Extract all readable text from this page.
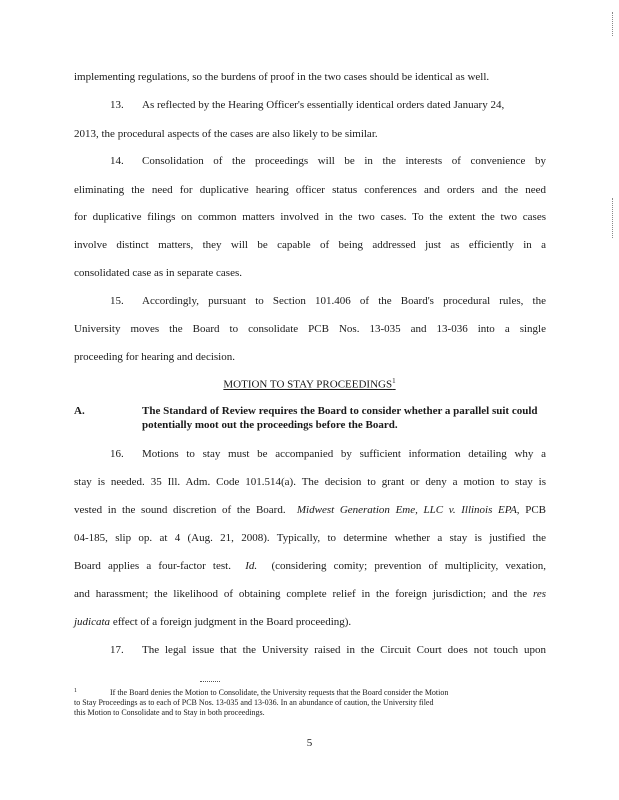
implementing regulations, so the burdens of proof in the two cases should be identical as well.
13. As reflected by the Hearing Officer's essentially identical orders dated January 24,
2013, the procedural aspects of the cases are also likely to be similar.
14. Consolidation of the proceedings will be in the interests of convenience by
eliminating the need for duplicative hearing officer status conferences and orders and the need
for duplicative filings on common matters involved in the two cases. To the extent the two cases
involve distinct matters, they will be capable of being addressed just as efficiently in a
consolidated case as in separate cases.
15. Accordingly, pursuant to Section 101.406 of the Board's procedural rules, the
University moves the Board to consolidate PCB Nos. 13-035 and 13-036 into a single
proceeding for hearing and decision.
MOTION TO STAY PROCEEDINGS$^1$
A.	The Standard of Review requires the Board to consider whether a parallel suit could potentially moot out the proceedings before the Board.
16. Motions to stay must be accompanied by sufficient information detailing why a
stay is needed. 35 Ill. Adm. Code 101.514(a). The decision to grant or deny a motion to stay is
vested in the sound discretion of the Board. Midwest Generation Eme, LLC v. Illinois EPA, PCB
04-185, slip op. at 4 (Aug. 21, 2008). Typically, to determine whether a stay is justified the
Board applies a four-factor test. Id. (considering comity; prevention of multiplicity, vexation,
and harassment; the likelihood of obtaining complete relief in the foreign jurisdiction; and the res
judicata effect of a foreign judgment in the Board proceeding).
17. The legal issue that the University raised in the Circuit Court does not touch upon
1	If the Board denies the Motion to Consolidate, the University requests that the Board consider the Motion
to Stay Proceedings as to each of PCB Nos. 13-035 and 13-036. In an abundance of caution, the University filed
this Motion to Consolidate and to Stay in both proceedings.
5
